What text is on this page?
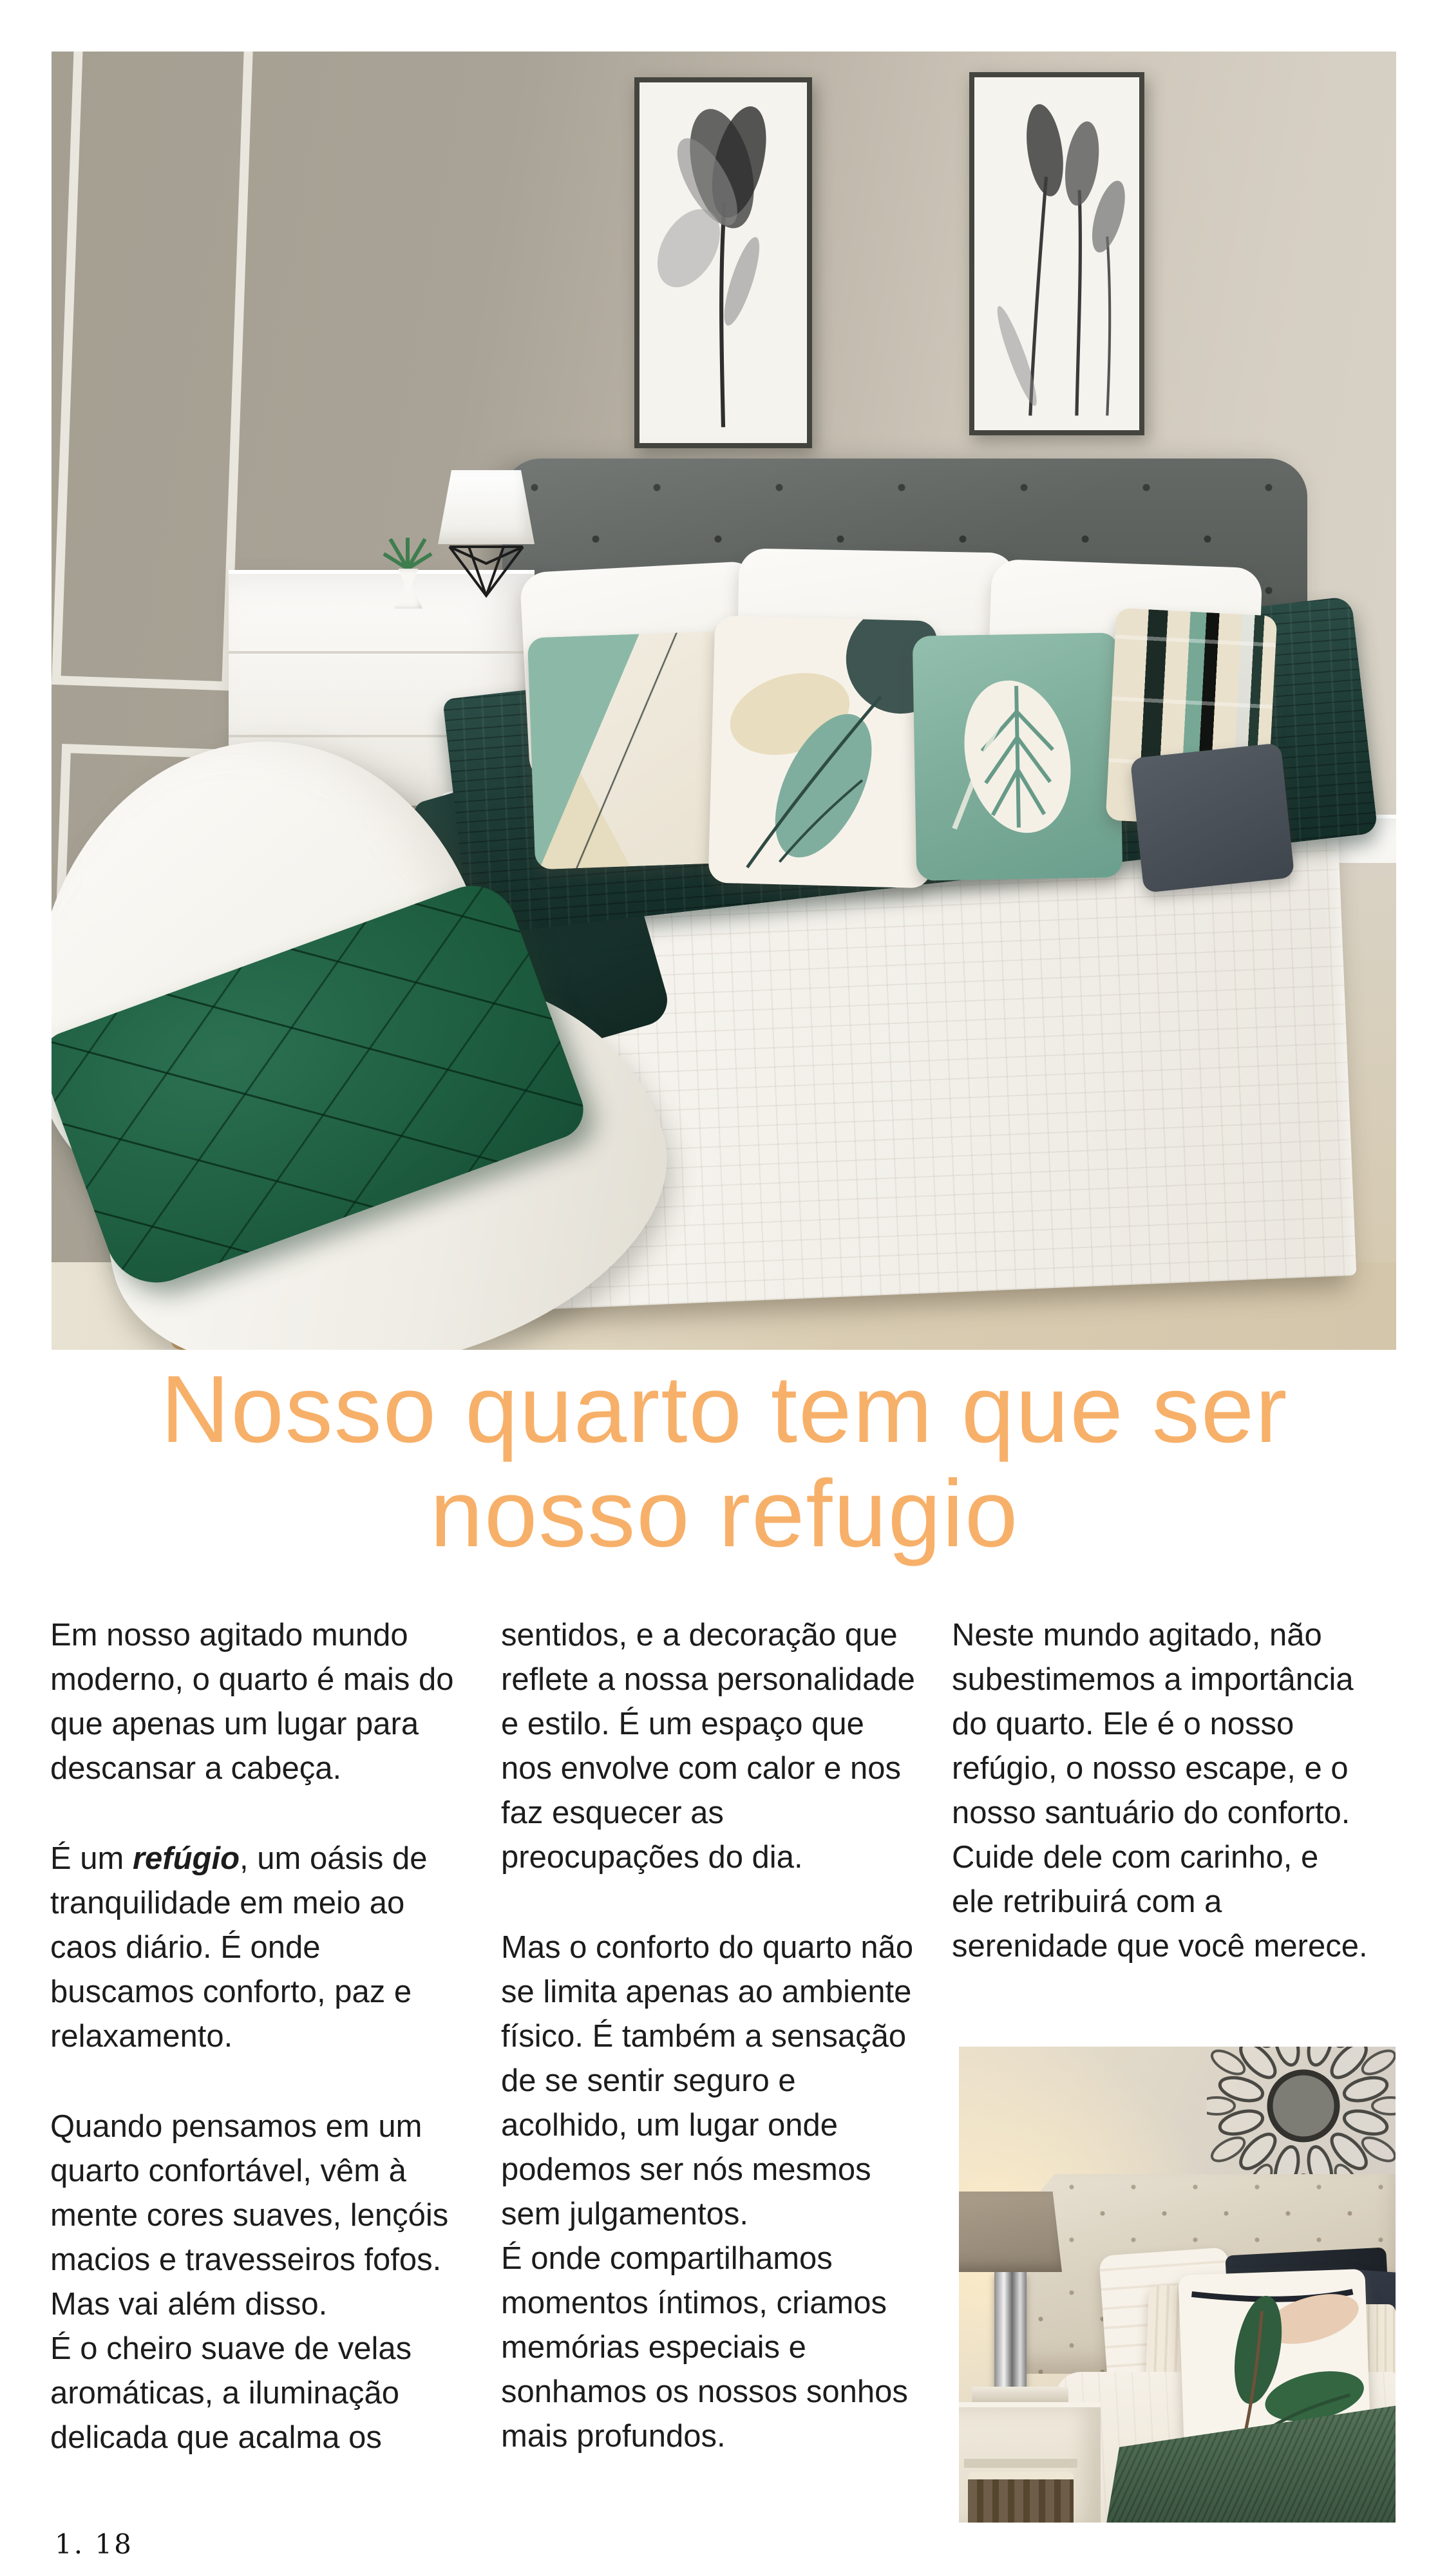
Nosso quarto tem que ser
nosso refugio

Em nosso agitado mundo moderno, o quarto é mais do que apenas um lugar para descansar a cabeça.

É um refúgio, um oásis de tranquilidade em meio ao caos diário. É onde buscamos conforto, paz e relaxamento.

Quando pensamos em um quarto confortável, vêm à mente cores suaves, lençóis macios e travesseiros fofos. Mas vai além disso.
É o cheiro suave de velas aromáticas, a iluminação delicada que acalma os

sentidos, e a decoração que reflete a nossa personalidade e estilo. É um espaço que nos envolve com calor e nos faz esquecer as preocupações do dia.

Mas o conforto do quarto não se limita apenas ao ambiente físico. É também a sensação de se sentir seguro e acolhido, um lugar onde podemos ser nós mesmos sem julgamentos.
É onde compartilhamos momentos íntimos, criamos memórias especiais e sonhamos os nossos sonhos mais profundos.

Neste mundo agitado, não subestimemos a importância do quarto. Ele é o nosso refúgio, o nosso escape, e o nosso santuário do conforto. Cuide dele com carinho, e ele retribuirá com a serenidade que você merece.

1. 18
